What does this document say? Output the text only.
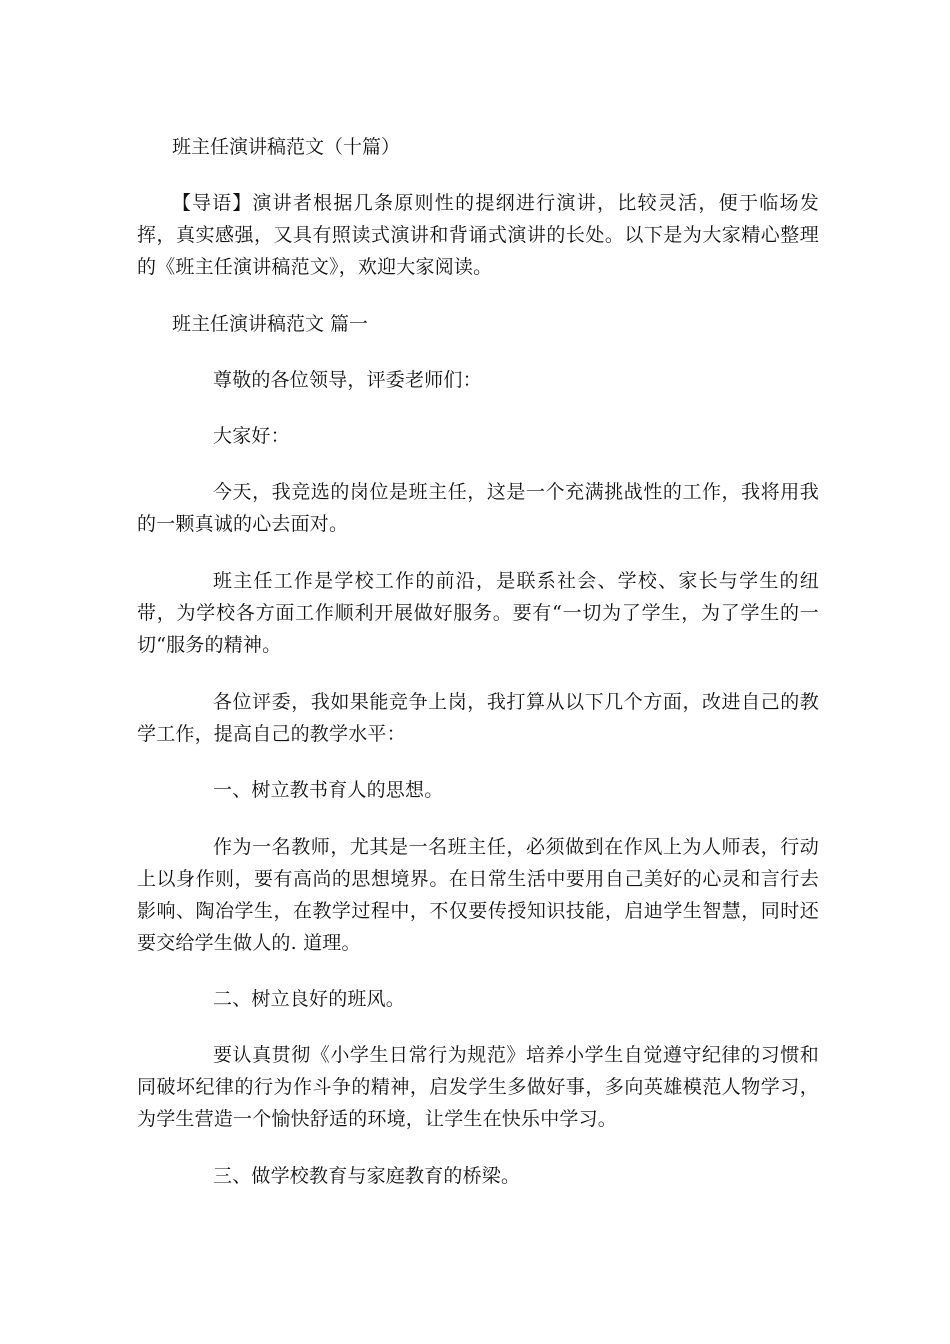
班主任演讲稿范文（十篇）

【导语】演讲者根据几条原则性的提纲进行演讲，比较灵活，便于临场发挥，真实感强，又具有照读式演讲和背诵式演讲的长处。以下是为大家精心整理的《班主任演讲稿范文》，欢迎大家阅读。

班主任演讲稿范文 篇一

尊敬的各位领导，评委老师们：

大家好：

今天，我竞选的岗位是班主任，这是一个充满挑战性的工作，我将用我的一颗真诚的心去面对。

班主任工作是学校工作的前沿，是联系社会、学校、家长与学生的纽带，为学校各方面工作顺利开展做好服务。要有“一切为了学生，为了学生的一切“服务的精神。

各位评委，我如果能竞争上岗，我打算从以下几个方面，改进自己的教学工作，提高自己的教学水平：

一、树立教书育人的思想。

作为一名教师，尤其是一名班主任，必须做到在作风上为人师表，行动上以身作则，要有高尚的思想境界。在日常生活中要用自己美好的心灵和言行去影响、陶冶学生，在教学过程中，不仅要传授知识技能，启迪学生智慧，同时还要交给学生做人的. 道理。

二、树立良好的班风。

要认真贯彻《小学生日常行为规范》培养小学生自觉遵守纪律的习惯和同破坏纪律的行为作斗争的精神，启发学生多做好事，多向英雄模范人物学习，为学生营造一个愉快舒适的环境，让学生在快乐中学习。

三、做学校教育与家庭教育的桥梁。
